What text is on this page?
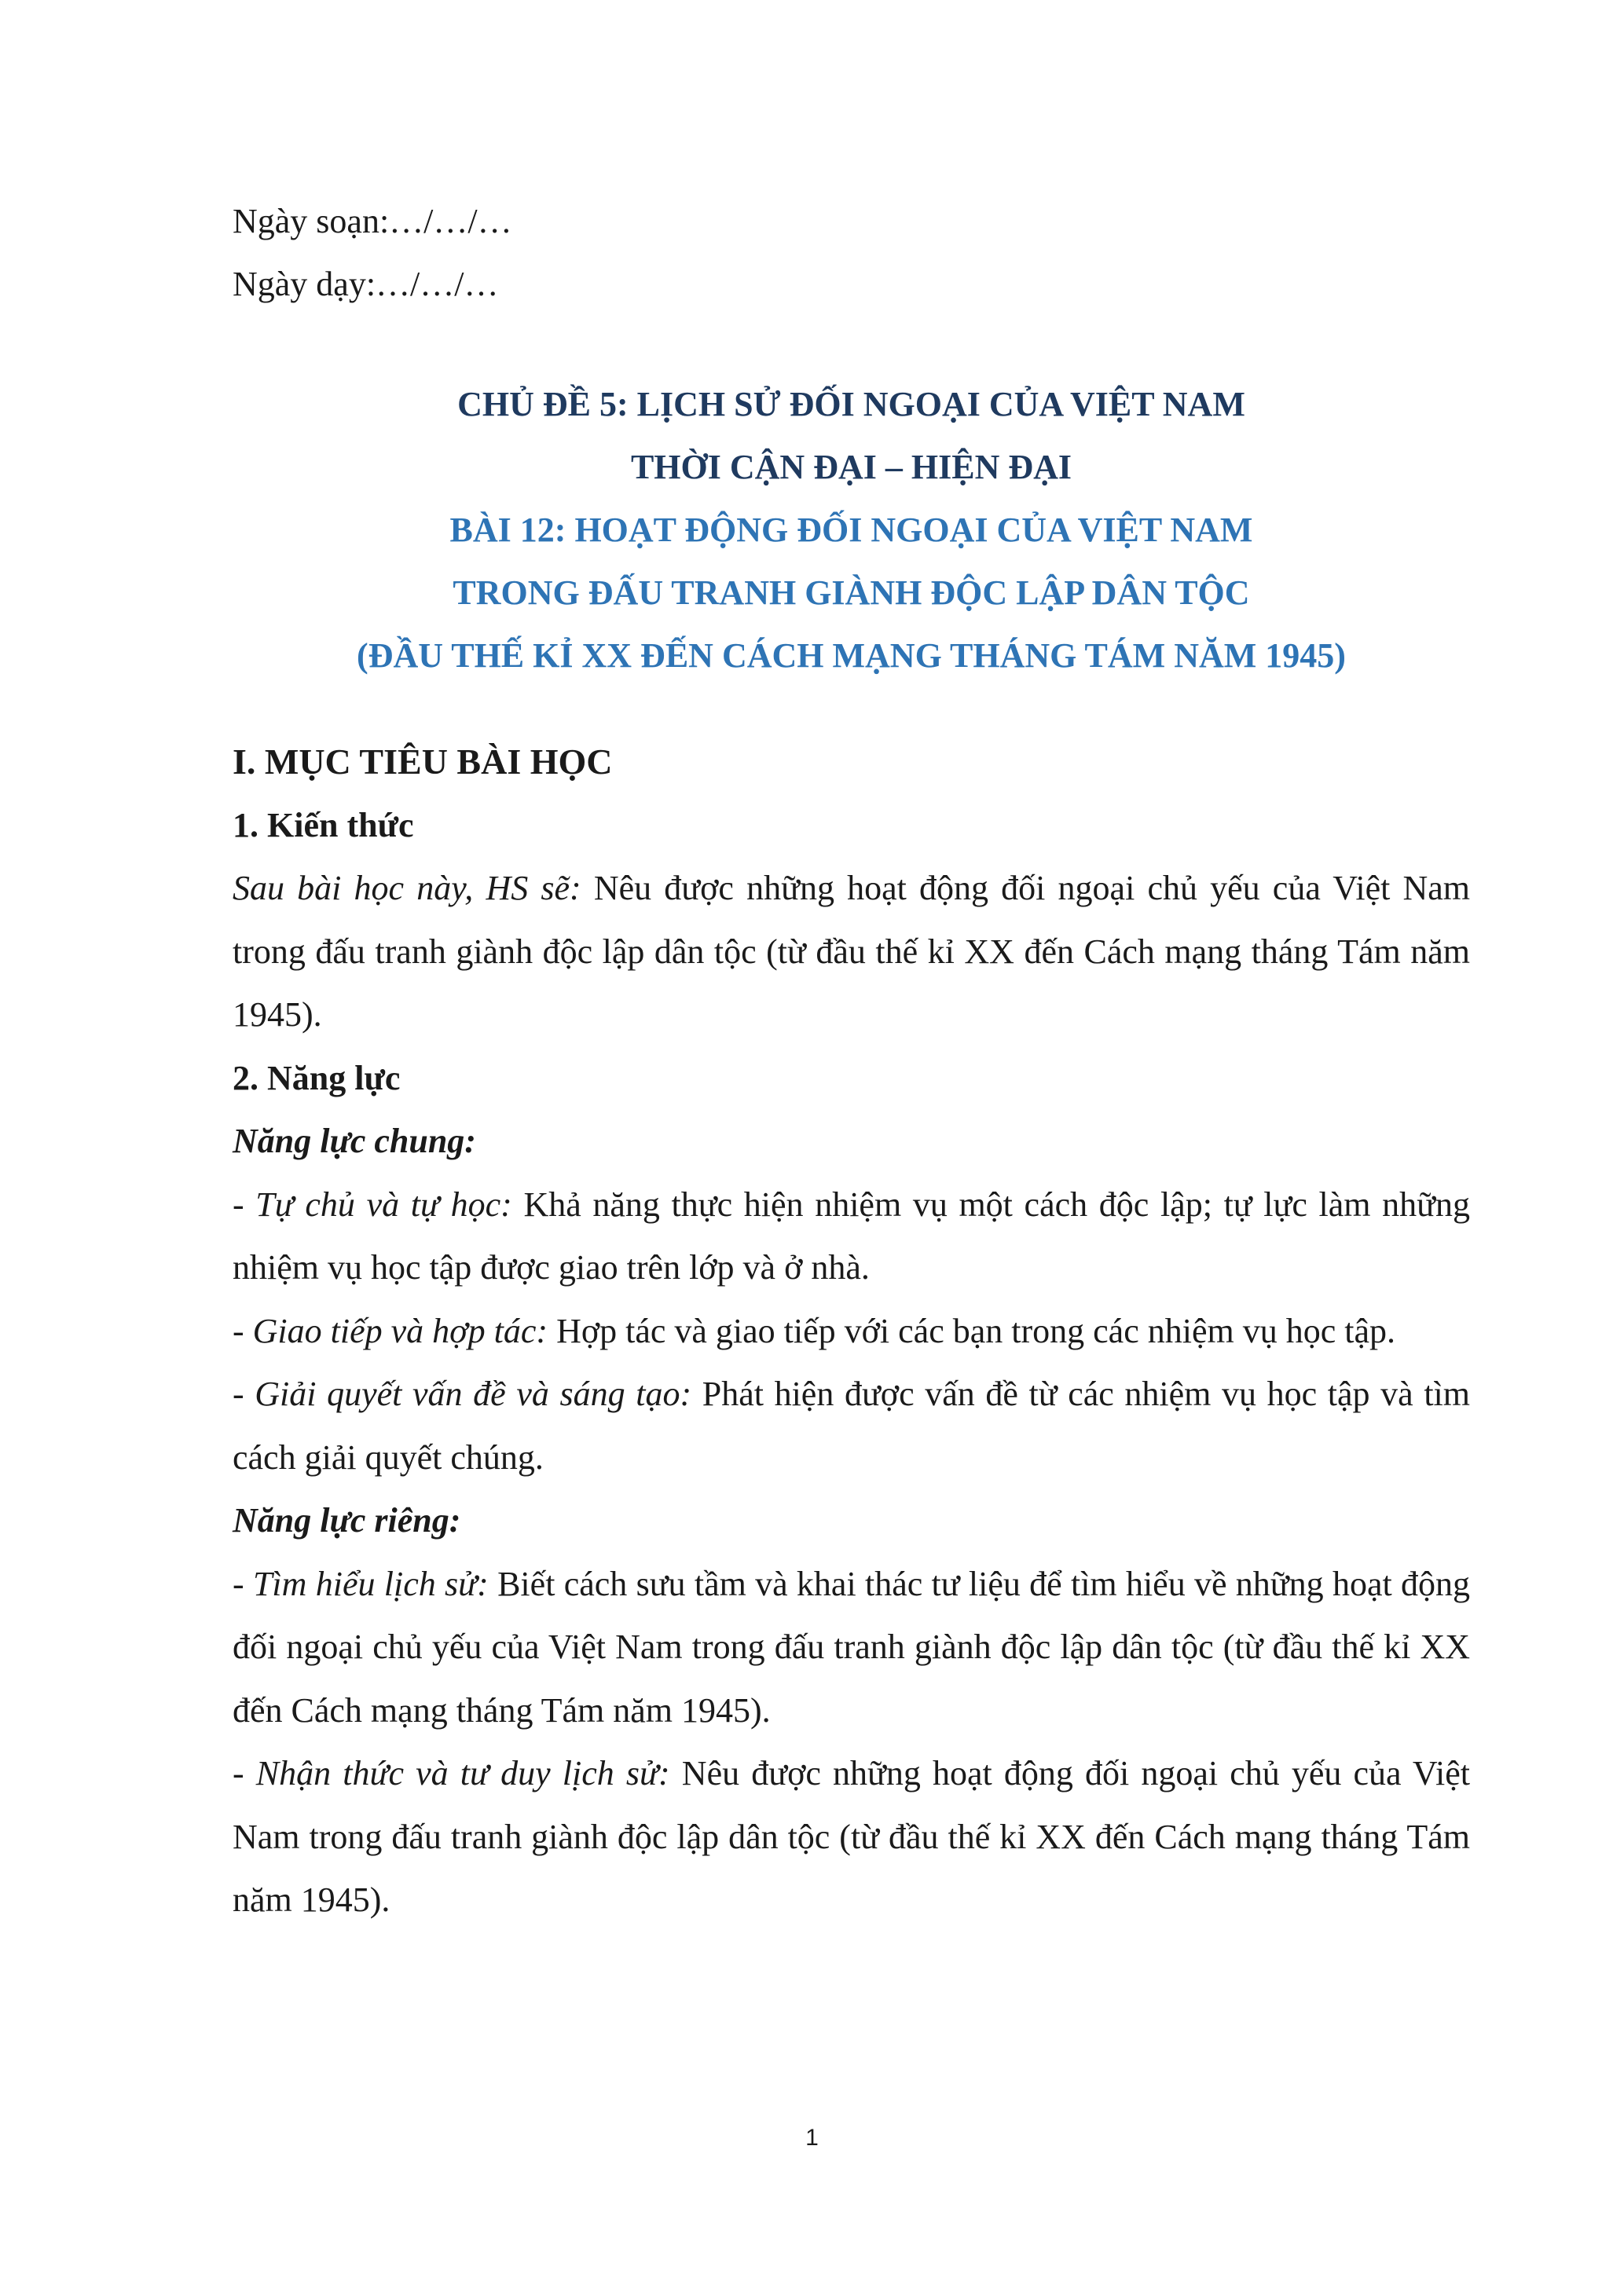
Ngày soạn:…/…/…
Ngày dạy:…/…/…
CHỦ ĐỀ 5: LỊCH SỬ ĐỐI NGOẠI CỦA VIỆT NAM
THỜI CẬN ĐẠI – HIỆN ĐẠI
BÀI 12: HOẠT ĐỘNG ĐỐI NGOẠI CỦA VIỆT NAM
TRONG ĐẤU TRANH GIÀNH ĐỘC LẬP DÂN TỘC
(ĐẦU THẾ KỈ XX ĐẾN CÁCH MẠNG THÁNG TÁM NĂM 1945)

I. MỤC TIÊU BÀI HỌC

1. Kiến thức

Sau bài học này, HS sẽ: Nêu được những hoạt động đối ngoại chủ yếu của Việt Nam trong đấu tranh giành độc lập dân tộc (từ đầu thế kỉ XX đến Cách mạng tháng Tám năm 1945).

2. Năng lực

Năng lực chung:

- Tự chủ và tự học: Khả năng thực hiện nhiệm vụ một cách độc lập; tự lực làm những nhiệm vụ học tập được giao trên lớp và ở nhà.

- Giao tiếp và hợp tác: Hợp tác và giao tiếp với các bạn trong các nhiệm vụ học tập.

- Giải quyết vấn đề và sáng tạo: Phát hiện được vấn đề từ các nhiệm vụ học tập và tìm cách giải quyết chúng.

Năng lực riêng:

- Tìm hiểu lịch sử: Biết cách sưu tầm và khai thác tư liệu để tìm hiểu về những hoạt động đối ngoại chủ yếu của Việt Nam trong đấu tranh giành độc lập dân tộc (từ đầu thế kỉ XX đến Cách mạng tháng Tám năm 1945).

- Nhận thức và tư duy lịch sử: Nêu được những hoạt động đối ngoại chủ yếu của Việt Nam trong đấu tranh giành độc lập dân tộc (từ đầu thế kỉ XX đến Cách mạng tháng Tám năm 1945).

1
